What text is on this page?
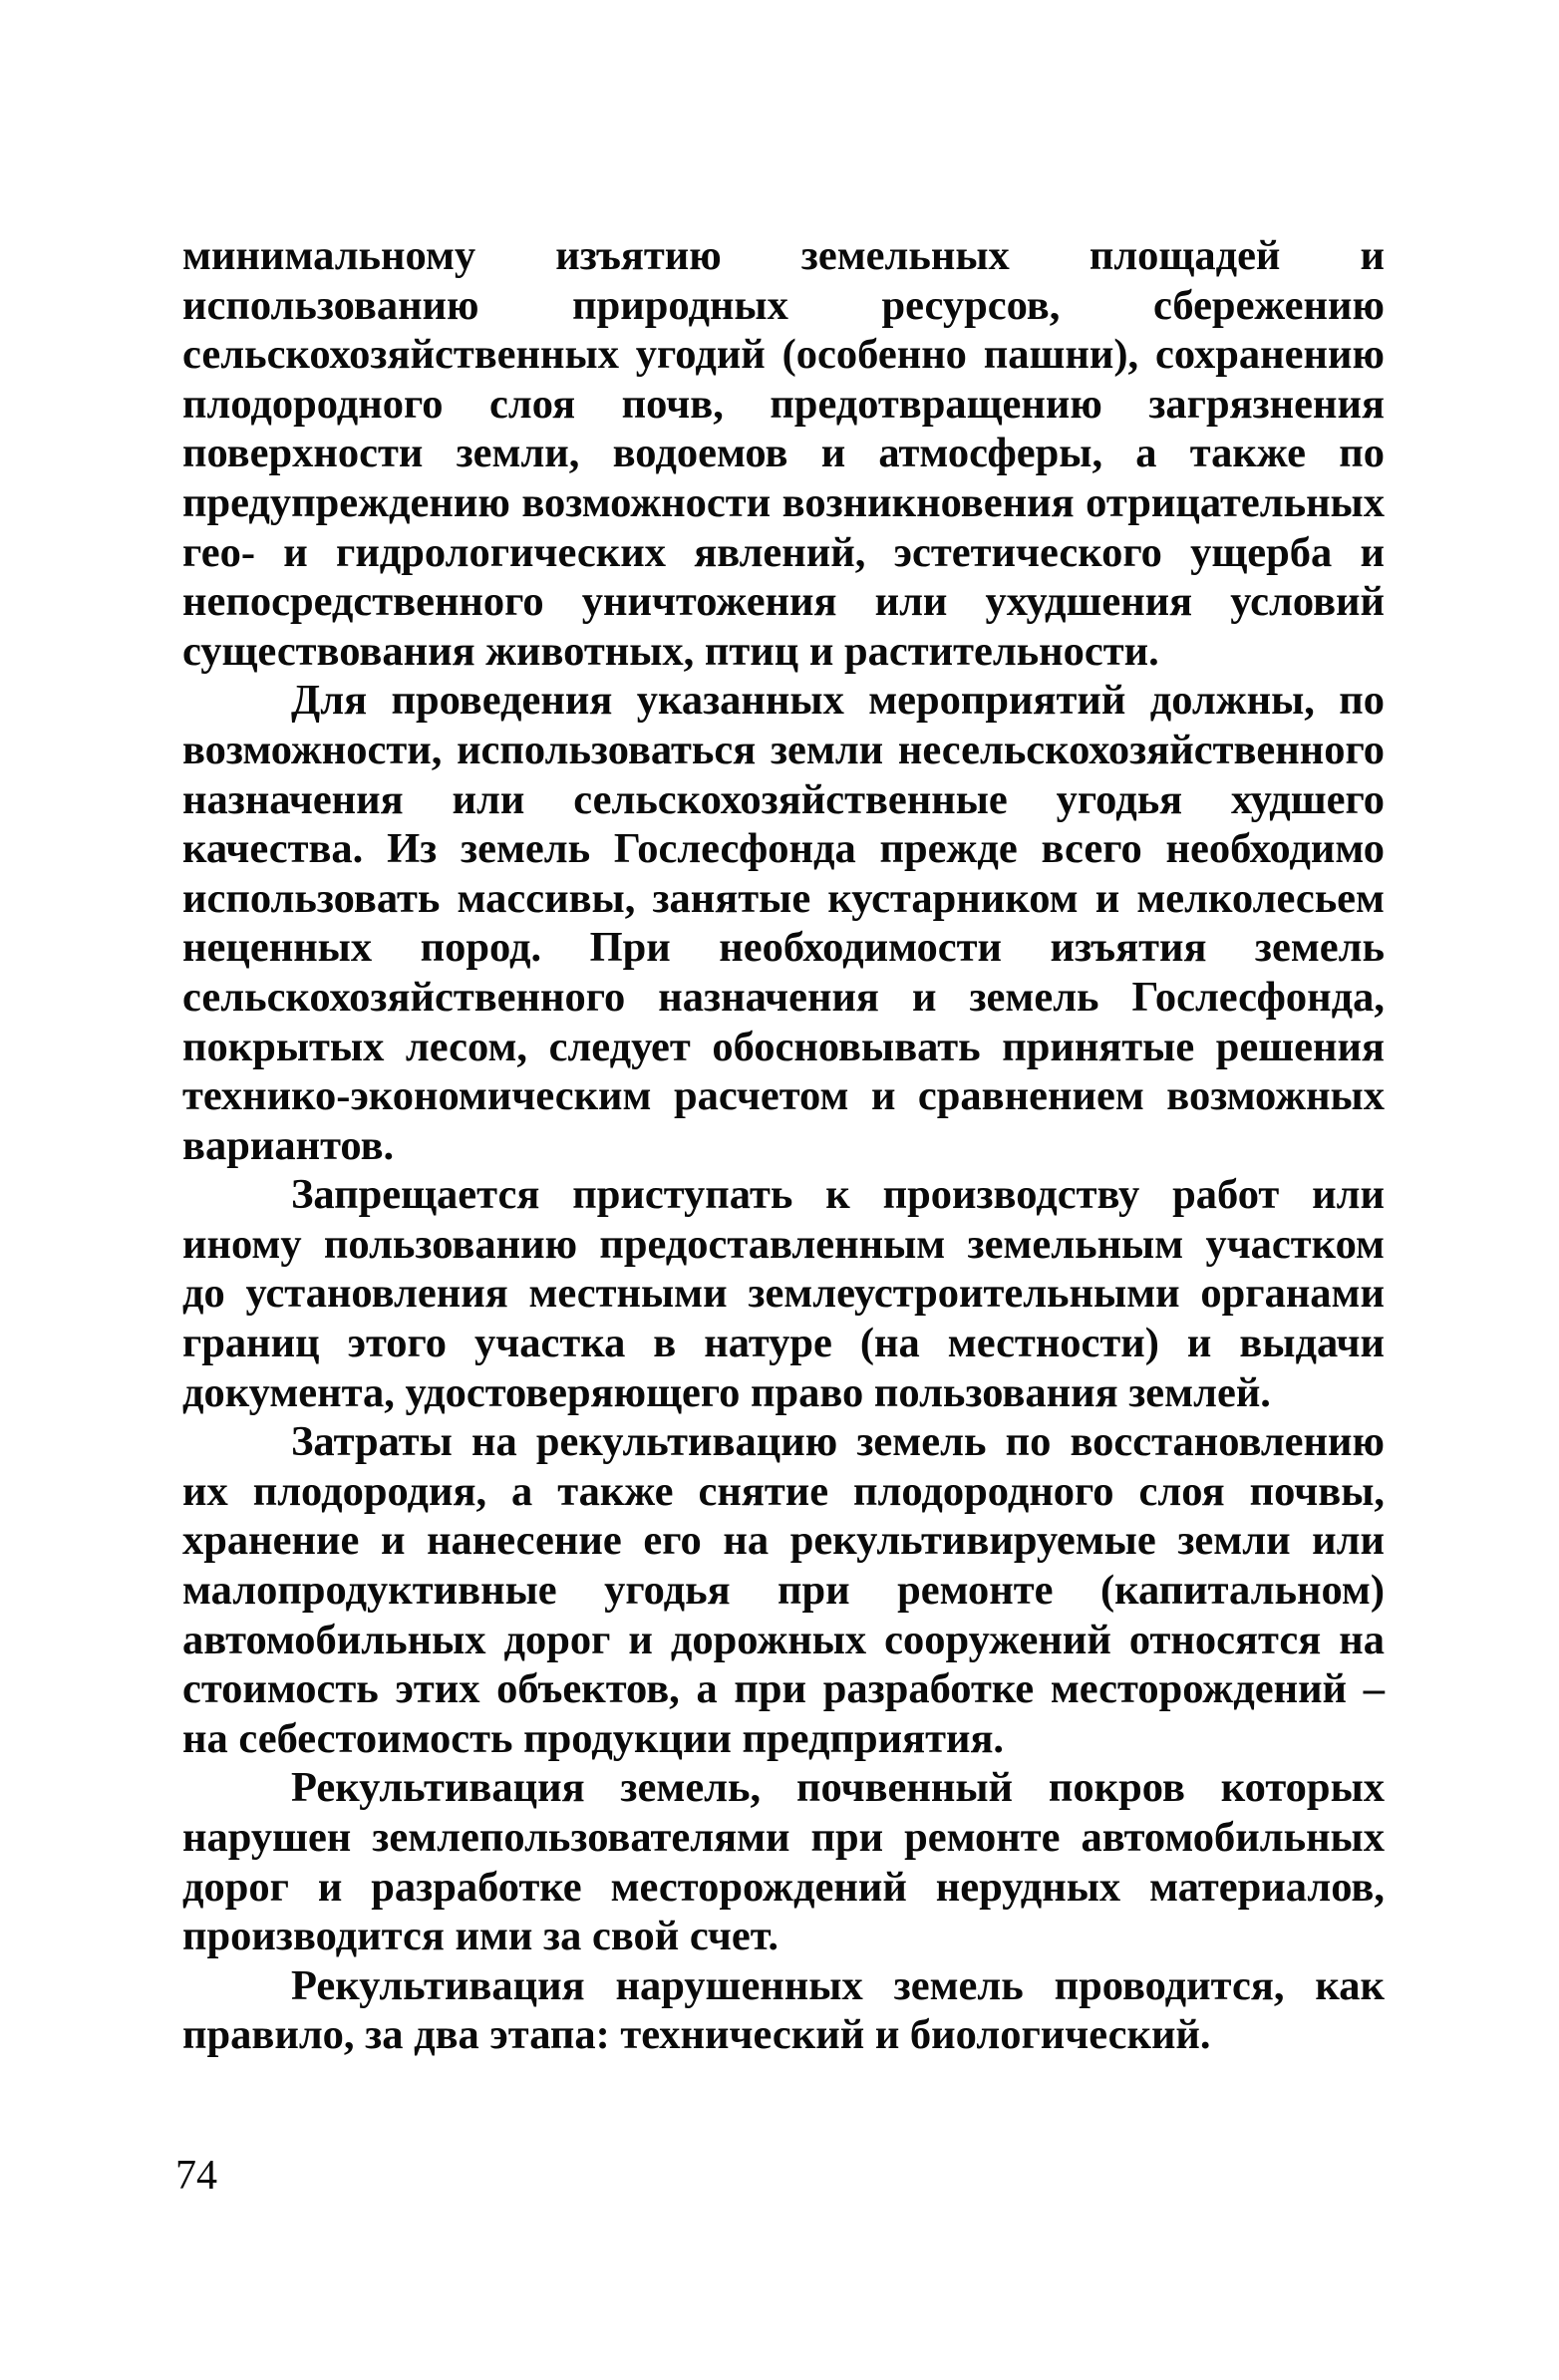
минимальному изъятию земельных площадей и использованию природных ресурсов, сбережению сельскохозяйственных угодий (особенно пашни), сохранению плодородного слоя почв, предотвращению загрязнения поверхности земли, водоемов и атмосферы, а также по предупреждению возможности возникновения отрицательных гео- и гидрологических явлений, эстетического ущерба и непосредственного уничтожения или ухудшения условий существования животных, птиц и растительности.

Для проведения указанных мероприятий должны, по возможности, использоваться земли несельскохозяйственного назначения или сельскохозяйственные угодья худшего качества. Из земель Гослесфонда прежде всего необходимо использовать массивы, занятые кустарником и мелколесьем неценных пород. При необходимости изъятия земель сельскохозяйственного назначения и земель Гослесфонда, покрытых лесом, следует обосновывать принятые решения технико-экономическим расчетом и сравнением возможных вариантов.

Запрещается приступать к производству работ или иному пользованию предоставленным земельным участком до установления местными землеустроительными органами границ этого участка в натуре (на местности) и выдачи документа, удостоверяющего право пользования землей.

Затраты на рекультивацию земель по восстановлению их плодородия, а также снятие плодородного слоя почвы, хранение и нанесение его на рекультивируемые земли или малопродуктивные угодья при ремонте (капитальном) автомобильных дорог и дорожных сооружений относятся на стоимость этих объектов, а при разработке месторождений – на себестоимость продукции предприятия.

Рекультивация земель, почвенный покров которых нарушен землепользователями при ремонте автомобильных дорог и разработке месторождений нерудных материалов, производится ими за свой счет.

Рекультивация нарушенных земель проводится, как правило, за два этапа: технический и биологический.

74
